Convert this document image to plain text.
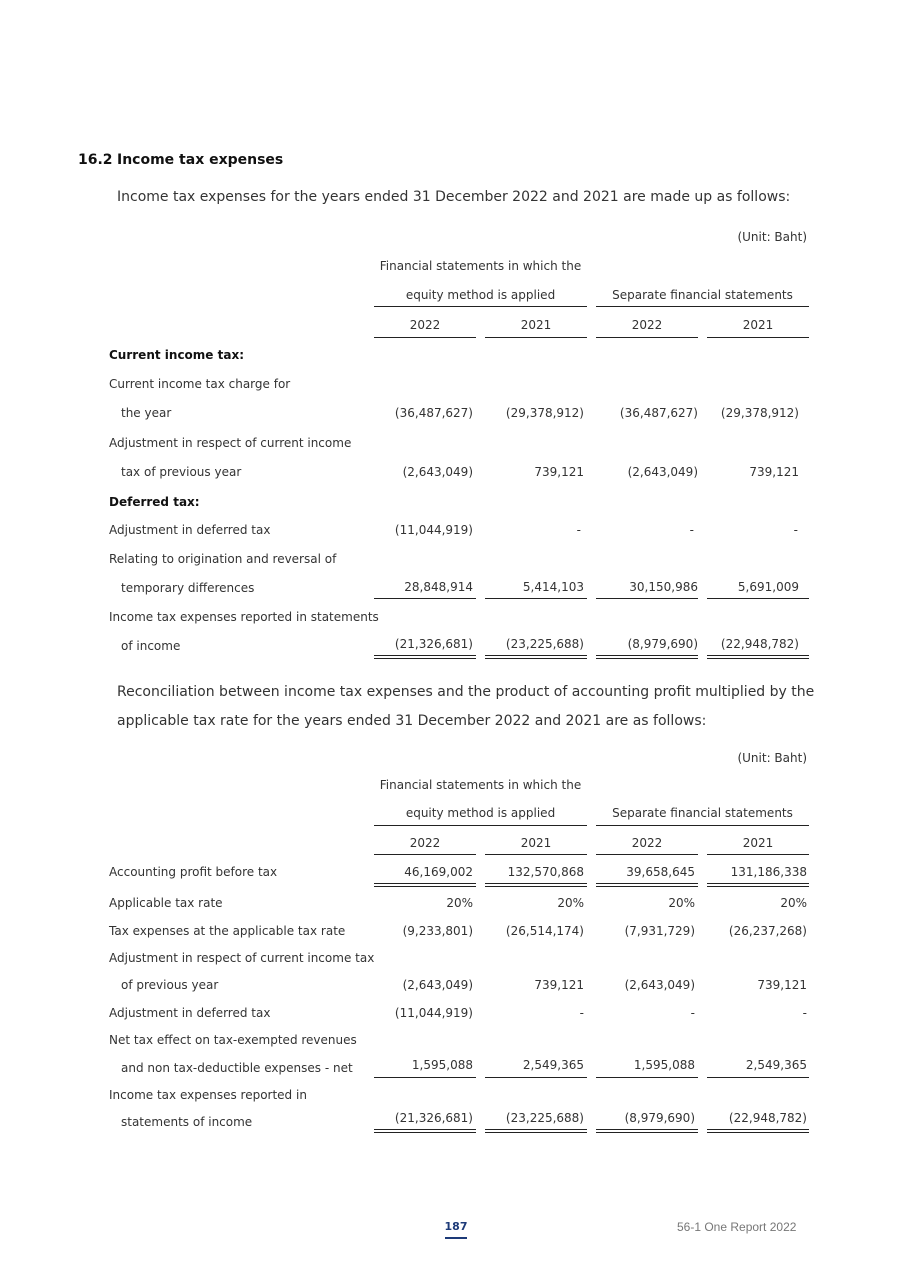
16.2 Income tax expenses
Income tax expenses for the years ended 31 December 2022 and 2021 are made up as follows:
(Unit: Baht)
Financial statements in which the
equity method is applied	Separate financial statements
2022	2021	2022	2021
Current income tax:
Current income tax charge for
the year	(36,487,627)	(29,378,912)	(36,487,627)	(29,378,912)
Adjustment in respect of current income
tax of previous year	(2,643,049)	739,121	(2,643,049)	739,121
Deferred tax:
Adjustment in deferred tax	(11,044,919)	-	-	-
Relating to origination and reversal of
temporary differences	28,848,914	5,414,103	30,150,986	5,691,009
Income tax expenses reported in statements
of income	(21,326,681)	(23,225,688)	(8,979,690)	(22,948,782)
Reconciliation between income tax expenses and the product of accounting profit multiplied by the
applicable tax rate for the years ended 31 December 2022 and 2021 are as follows:
(Unit: Baht)
Financial statements in which the
equity method is applied	Separate financial statements
2022	2021	2022	2021
Accounting profit before tax	46,169,002	132,570,868	39,658,645	131,186,338
Applicable tax rate	20%	20%	20%	20%
Tax expenses at the applicable tax rate	(9,233,801)	(26,514,174)	(7,931,729)	(26,237,268)
Adjustment in respect of current income tax
of previous year	(2,643,049)	739,121	(2,643,049)	739,121
Adjustment in deferred tax	(11,044,919)	-	-	-
Net tax effect on tax-exempted revenues
and non tax-deductible expenses - net	1,595,088	2,549,365	1,595,088	2,549,365
Income tax expenses reported in
statements of income	(21,326,681)	(23,225,688)	(8,979,690)	(22,948,782)
187	56-1 One Report 2022
